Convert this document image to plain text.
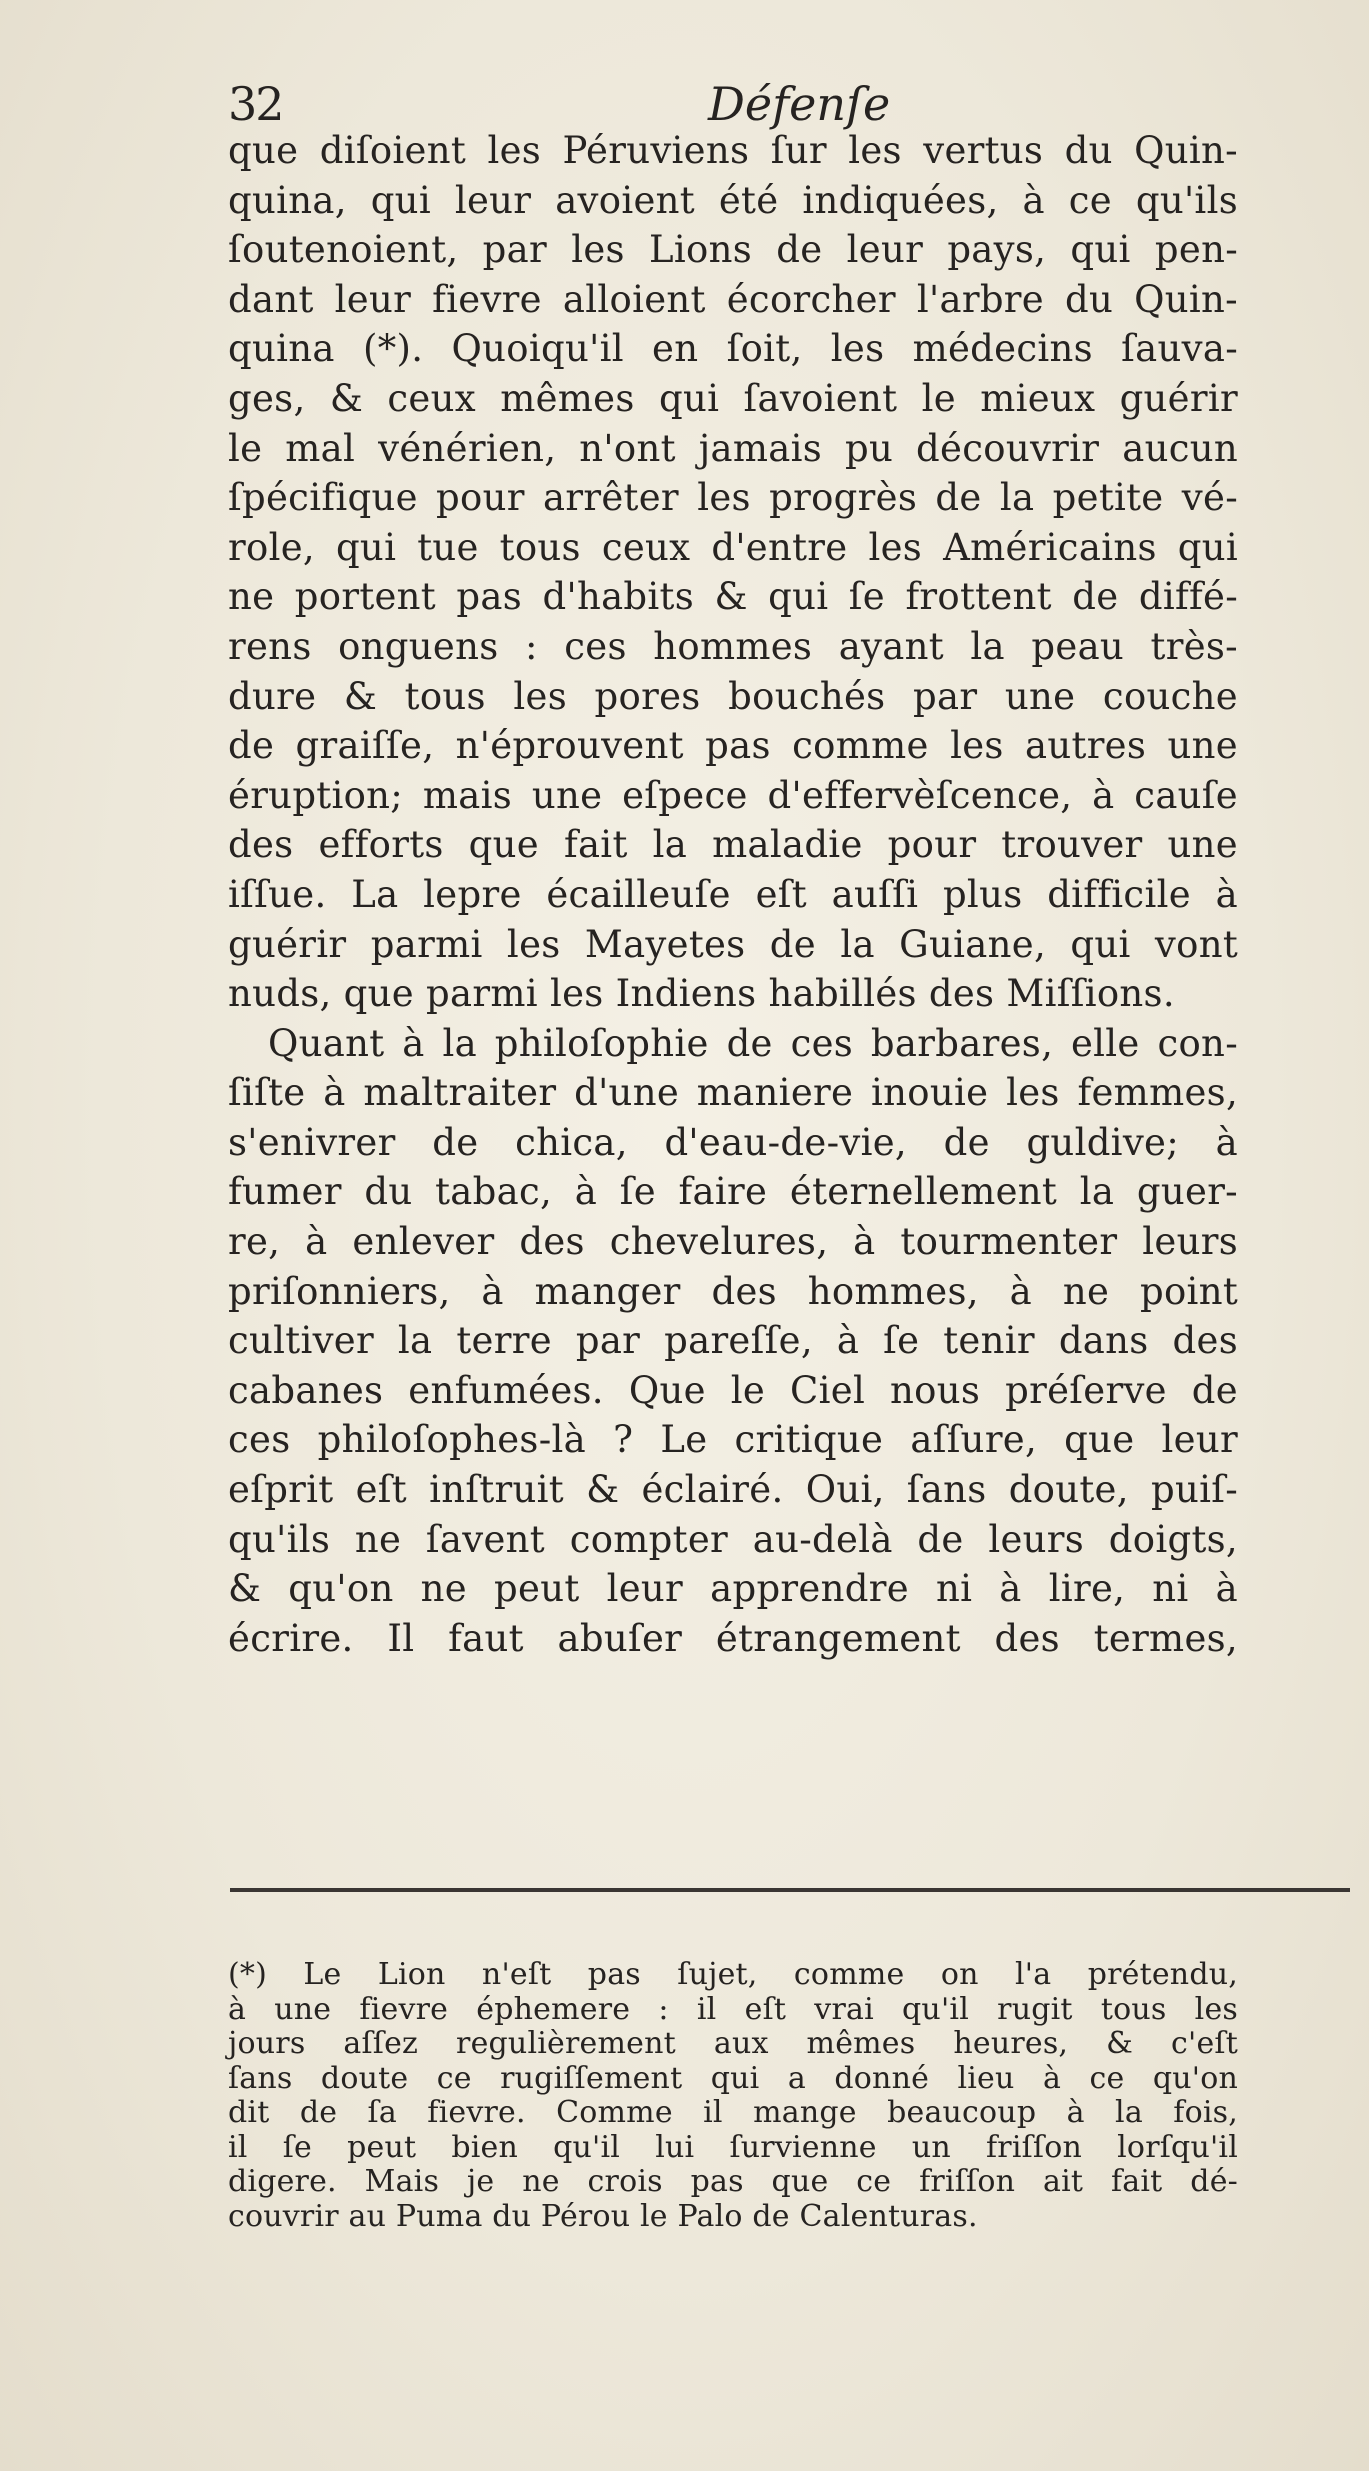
32	Défenſe
que diſoient les Péruviens ſur les vertus du Quin-
quina, qui leur avoient été indiquées, à ce qu'ils
ſoutenoient, par les Lions de leur pays, qui pen-
dant leur fievre alloient écorcher l'arbre du Quin-
quina (*). Quoiqu'il en ſoit, les médecins ſauva-
ges, & ceux mêmes qui ſavoient le mieux guérir
le mal vénérien, n'ont jamais pu découvrir aucun
ſpécifique pour arrêter les progrès de la petite vé-
role, qui tue tous ceux d'entre les Américains qui
ne portent pas d'habits & qui ſe frottent de diffé-
rens onguens : ces hommes ayant la peau très-
dure & tous les pores bouchés par une couche
de graiſſe, n'éprouvent pas comme les autres une
éruption; mais une eſpece d'effervèſcence, à cauſe
des efforts que fait la maladie pour trouver une
iſſue. La lepre écailleuſe eſt auſſi plus difficile à
guérir parmi les Mayetes de la Guiane, qui vont
nuds, que parmi les Indiens habillés des Miſſions.
Quant à la philoſophie de ces barbares, elle con-
ſiſte à maltraiter d'une maniere inouie les femmes,
s'enivrer de chica, d'eau-de-vie, de guldive; à
fumer du tabac, à ſe faire éternellement la guer-
re, à enlever des chevelures, à tourmenter leurs
priſonniers, à manger des hommes, à ne point
cultiver la terre par pareſſe, à ſe tenir dans des
cabanes enfumées. Que le Ciel nous préſerve de
ces philoſophes-là ? Le critique aſſure, que leur
eſprit eſt inſtruit & éclairé. Oui, ſans doute, puiſ-
qu'ils ne ſavent compter au-delà de leurs doigts,
& qu'on ne peut leur apprendre ni à lire, ni à
écrire. Il faut abuſer étrangement des termes,
(*) Le Lion n'eſt pas ſujet, comme on l'a prétendu,
à une fievre éphemere : il eſt vrai qu'il rugit tous les
jours aſſez regulièrement aux mêmes heures, & c'eſt
ſans doute ce rugiſſement qui a donné lieu à ce qu'on
dit de ſa fievre. Comme il mange beaucoup à la fois,
il ſe peut bien qu'il lui ſurvienne un friſſon lorſqu'il
digere. Mais je ne crois pas que ce friſſon ait fait dé-
couvrir au Puma du Pérou le Palo de Calenturas.
